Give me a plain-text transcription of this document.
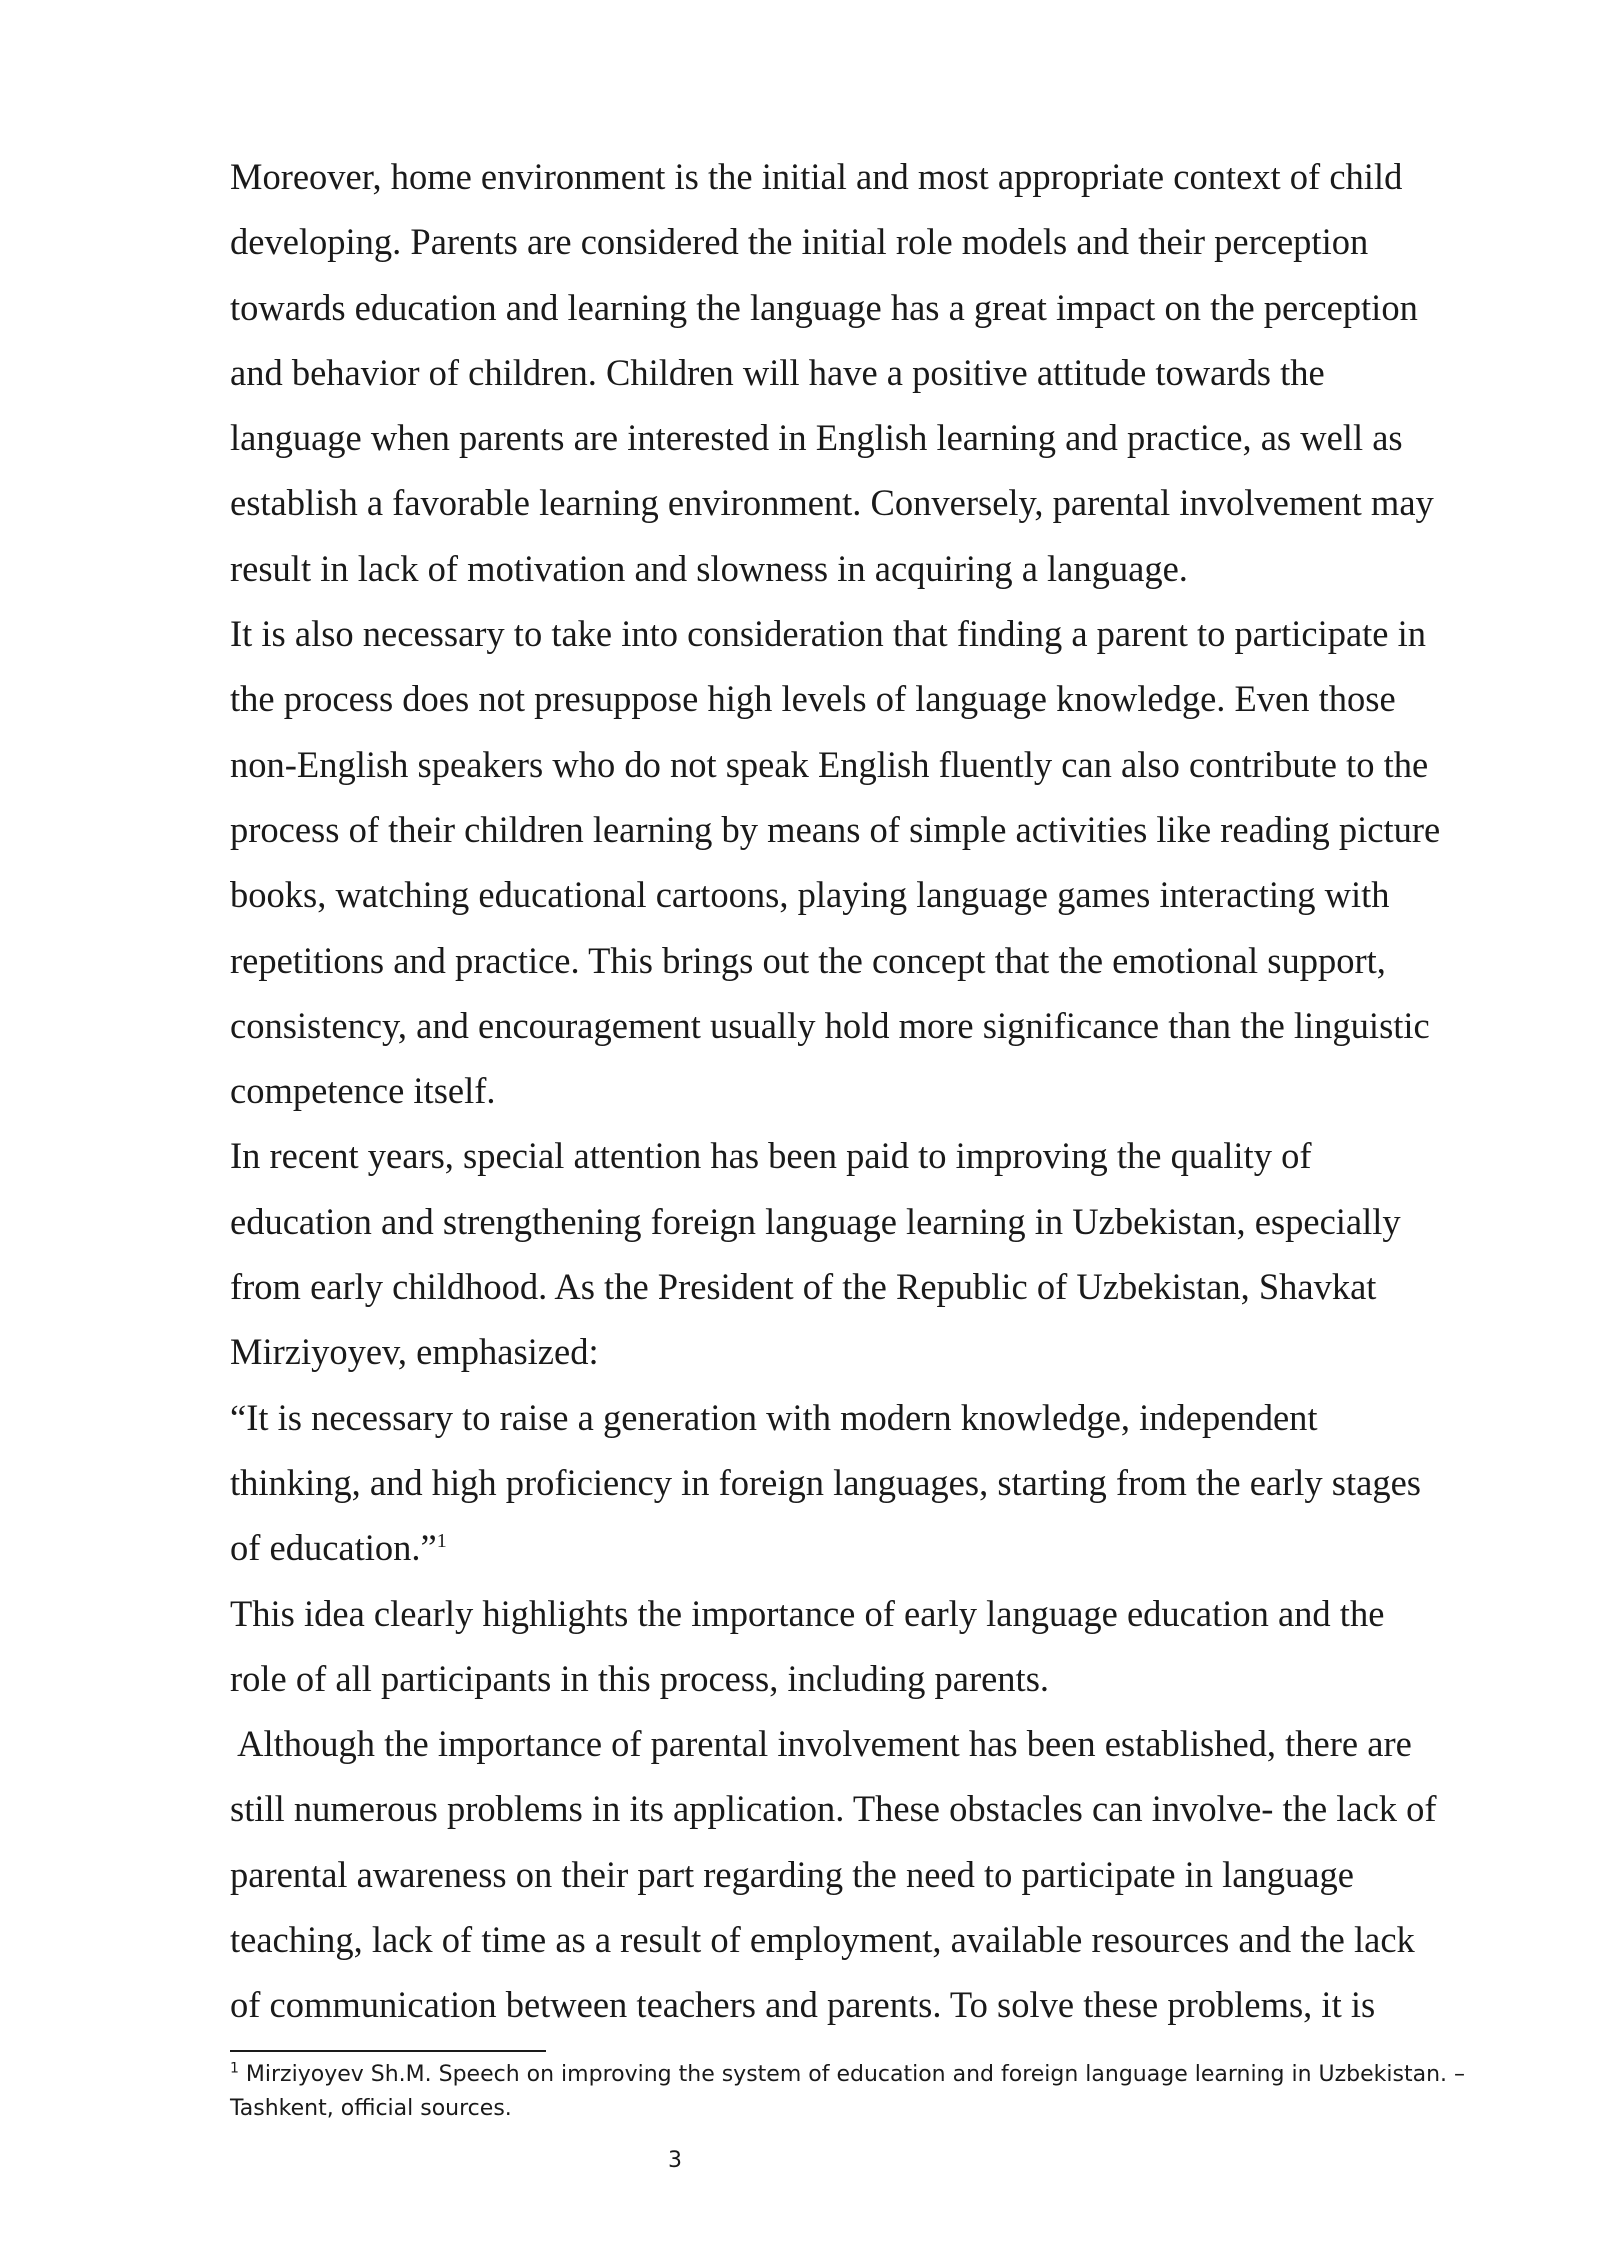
Moreover, home environment is the initial and most appropriate context of child
developing. Parents are considered the initial role models and their perception
towards education and learning the language has a great impact on the perception
and behavior of children. Children will have a positive attitude towards the
language when parents are interested in English learning and practice, as well as
establish a favorable learning environment. Conversely, parental involvement may
result in lack of motivation and slowness in acquiring a language.
It is also necessary to take into consideration that finding a parent to participate in
the process does not presuppose high levels of language knowledge. Even those
non-English speakers who do not speak English fluently can also contribute to the
process of their children learning by means of simple activities like reading picture
books, watching educational cartoons, playing language games interacting with
repetitions and practice. This brings out the concept that the emotional support,
consistency, and encouragement usually hold more significance than the linguistic
competence itself.
In recent years, special attention has been paid to improving the quality of
education and strengthening foreign language learning in Uzbekistan, especially
from early childhood. As the President of the Republic of Uzbekistan, Shavkat
Mirziyoyev, emphasized:
“It is necessary to raise a generation with modern knowledge, independent
thinking, and high proficiency in foreign languages, starting from the early stages
of education.”$^1$
This idea clearly highlights the importance of early language education and the
role of all participants in this process, including parents.
Although the importance of parental involvement has been established, there are
still numerous problems in its application. These obstacles can involve- the lack of
parental awareness on their part regarding the need to participate in language
teaching, lack of time as a result of employment, available resources and the lack
of communication between teachers and parents. To solve these problems, it is
$^1$ Mirziyoyev Sh.M. Speech on improving the system of education and foreign language learning in Uzbekistan. –
Tashkent, official sources.
3
